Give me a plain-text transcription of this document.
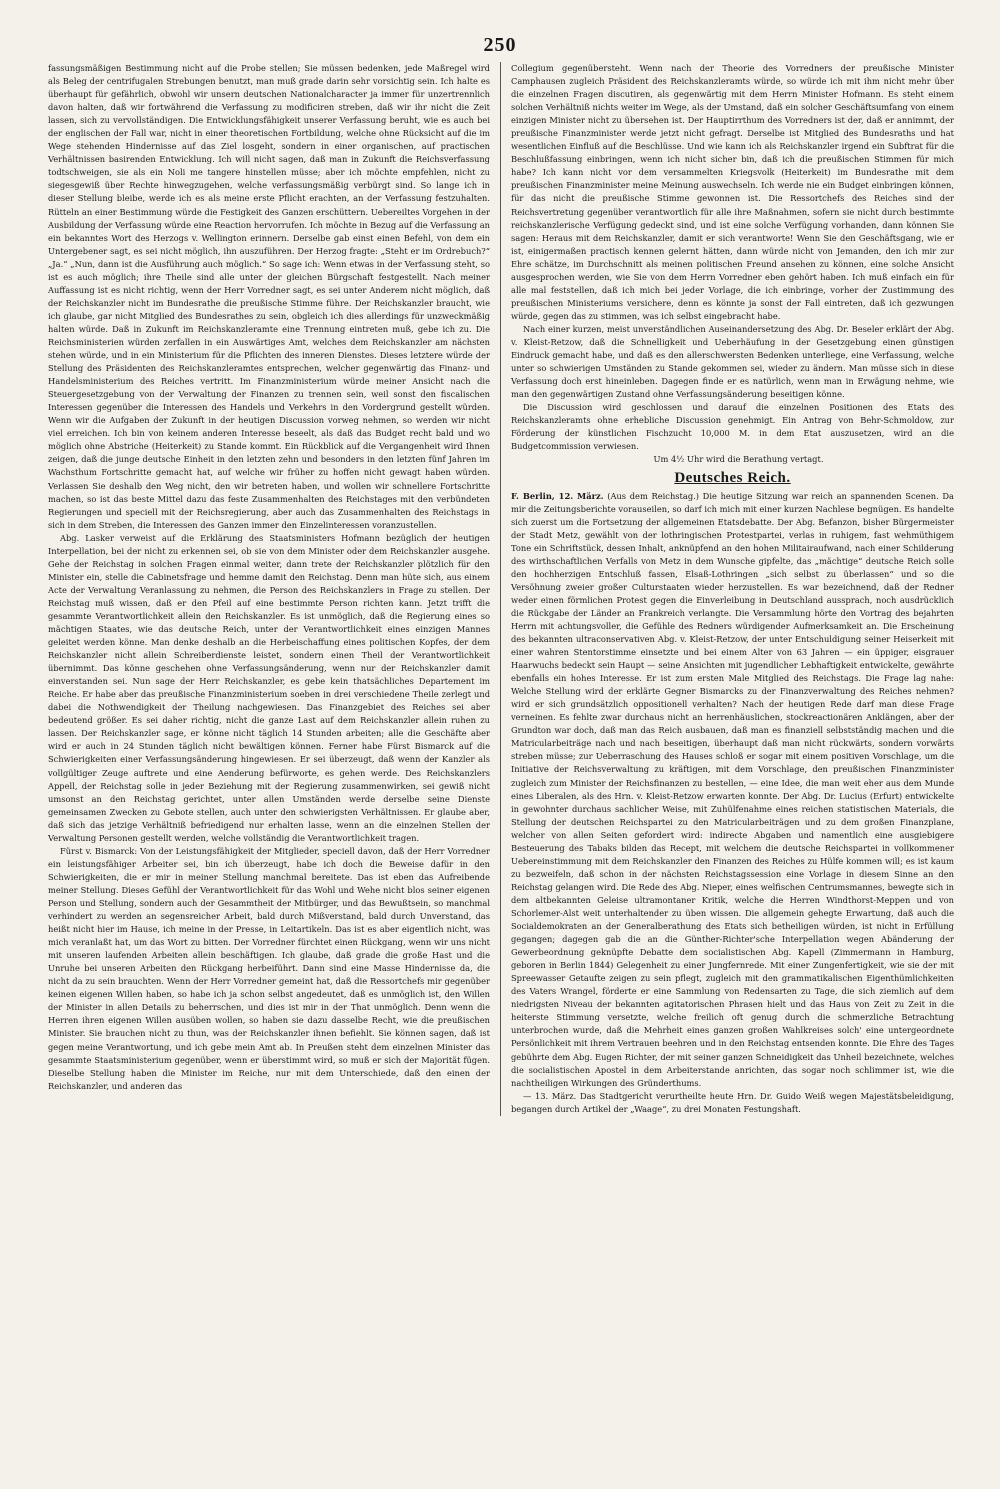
250

fassungsmäßigen Bestimmung nicht auf die Probe stellen; Sie müssen bedenken, jede Maßregel wird als Beleg der centrifugalen Strebungen benutzt, man muß grade darin sehr vorsichtig sein. Ich halte es überhaupt für gefährlich, obwohl wir unsern deutschen Nationalcharacter ja immer für unzertrennlich davon halten, daß wir fortwährend die Verfassung zu modificiren streben, daß wir ihr nicht die Zeit lassen, sich zu vervollständigen. Die Entwicklungsfähigkeit unserer Verfassung beruht, wie es auch bei der englischen der Fall war, nicht in einer theoretischen Fortbildung, welche ohne Rücksicht auf die im Wege stehenden Hindernisse auf das Ziel losgeht, sondern in einer organischen, auf practischen Verhältnissen basirenden Entwicklung. Ich will nicht sagen, daß man in Zukunft die Reichsverfassung todtschweigen, sie als ein Noli me tangere hinstellen müsse; aber ich möchte empfehlen, nicht zu siegesgewiß über Rechte hinwegzugehen, welche verfassungsmäßig verbürgt sind. So lange ich in dieser Stellung bleibe, werde ich es als meine erste Pflicht erachten, an der Verfassung festzuhalten. Rütteln an einer Bestimmung würde die Festigkeit des Ganzen erschüttern. Uebereiltes Vorgehen in der Ausbildung der Verfassung würde eine Reaction hervorrufen. Ich möchte in Bezug auf die Verfassung an ein bekanntes Wort des Herzogs v. Wellington erinnern. Derselbe gab einst einen Befehl, von dem ein Untergebener sagt, es sei nicht möglich, ihn auszuführen. Der Herzog fragte: „Steht er im Ordrebuch?“ „Ja.“ „Nun, dann ist die Ausführung auch möglich.“ So sage ich: Wenn etwas in der Verfassung steht, so ist es auch möglich; ihre Theile sind alle unter der gleichen Bürgschaft festgestellt. Nach meiner Auffassung ist es nicht richtig, wenn der Herr Vorredner sagt, es sei unter Anderem nicht möglich, daß der Reichskanzler nicht im Bundesrathe die preußische Stimme führe. Der Reichskanzler braucht, wie ich glaube, gar nicht Mitglied des Bundesrathes zu sein, obgleich ich dies allerdings für unzweckmäßig halten würde. Daß in Zukunft im Reichskanzleramte eine Trennung eintreten muß, gebe ich zu. Die Reichsministerien würden zerfallen in ein Auswärtiges Amt, welches dem Reichskanzler am nächsten stehen würde, und in ein Ministerium für die Pflichten des inneren Dienstes. Dieses letztere würde der Stellung des Präsidenten des Reichskanzleramtes entsprechen, welcher gegenwärtig das Finanz- und Handelsministerium des Reiches vertritt. Im Finanzministerium würde meiner Ansicht nach die Steuergesetzgebung von der Verwaltung der Finanzen zu trennen sein, weil sonst den fiscalischen Interessen gegenüber die Interessen des Handels und Verkehrs in den Vordergrund gestellt würden. Wenn wir die Aufgaben der Zukunft in der heutigen Discussion vorweg nehmen, so werden wir nicht viel erreichen. Ich bin von keinem anderen Interesse beseelt, als daß das Budget recht bald und wo möglich ohne Abstriche (Heiterkeit) zu Stande kommt. Ein Rückblick auf die Vergangenheit wird Ihnen zeigen, daß die junge deutsche Einheit in den letzten zehn und besonders in den letzten fünf Jahren im Wachsthum Fortschritte gemacht hat, auf welche wir früher zu hoffen nicht gewagt haben würden. Verlassen Sie deshalb den Weg nicht, den wir betreten haben, und wollen wir schnellere Fortschritte machen, so ist das beste Mittel dazu das feste Zusammenhalten des Reichstages mit den verbündeten Regierungen und speciell mit der Reichsregierung, aber auch das Zusammenhalten des Reichstags in sich in dem Streben, die Interessen des Ganzen immer den Einzelinteressen voranzustellen.

Abg. Lasker verweist auf die Erklärung des Staatsministers Hofmann bezüglich der heutigen Interpellation, bei der nicht zu erkennen sei, ob sie von dem Minister oder dem Reichskanzler ausgehe. Gehe der Reichstag in solchen Fragen einmal weiter, dann trete der Reichskanzler plötzlich für den Minister ein, stelle die Cabinetsfrage und hemme damit den Reichstag. Denn man hüte sich, aus einem Acte der Verwaltung Veranlassung zu nehmen, die Person des Reichskanzlers in Frage zu stellen. Der Reichstag muß wissen, daß er den Pfeil auf eine bestimmte Person richten kann. Jetzt trifft die gesammte Verantwortlichkeit allein den Reichskanzler. Es ist unmöglich, daß die Regierung eines so mächtigen Staates, wie das deutsche Reich, unter der Verantwortlichkeit eines einzigen Mannes geleitet werden könne. Man denke deshalb an die Herbeischaffung eines politischen Kopfes, der dem Reichskanzler nicht allein Schreiberdienste leistet, sondern einen Theil der Verantwortlichkeit übernimmt. Das könne geschehen ohne Verfassungsänderung, wenn nur der Reichskanzler damit einverstanden sei. Nun sage der Herr Reichskanzler, es gebe kein thatsächliches Departement im Reiche. Er habe aber das preußische Finanzministerium soeben in drei verschiedene Theile zerlegt und dabei die Nothwendigkeit der Theilung nachgewiesen. Das Finanzgebiet des Reiches sei aber bedeutend größer. Es sei daher richtig, nicht die ganze Last auf dem Reichskanzler allein ruhen zu lassen. Der Reichskanzler sage, er könne nicht täglich 14 Stunden arbeiten; alle die Geschäfte aber wird er auch in 24 Stunden täglich nicht bewältigen können. Ferner habe Fürst Bismarck auf die Schwierigkeiten einer Verfassungsänderung hingewiesen. Er sei überzeugt, daß wenn der Kanzler als vollgültiger Zeuge auftrete und eine Aenderung befürworte, es gehen werde. Des Reichskanzlers Appell, der Reichstag solle in jeder Beziehung mit der Regierung zusammenwirken, sei gewiß nicht umsonst an den Reichstag gerichtet, unter allen Umständen werde derselbe seine Dienste gemeinsamen Zwecken zu Gebote stellen, auch unter den schwierigsten Verhältnissen. Er glaube aber, daß sich das jetzige Verhältniß befriedigend nur erhalten lasse, wenn an die einzelnen Stellen der Verwaltung Personen gestellt werden, welche vollständig die Verantwortlichkeit tragen.

Fürst v. Bismarck: Von der Leistungsfähigkeit der Mitglieder, speciell davon, daß der Herr Vorredner ein leistungsfähiger Arbeiter sei, bin ich überzeugt, habe ich doch die Beweise dafür in den Schwierigkeiten, die er mir in meiner Stellung manchmal bereitete. Das ist eben das Aufreibende meiner Stellung. Dieses Gefühl der Verantwortlichkeit für das Wohl und Wehe nicht blos seiner eigenen Person und Stellung, sondern auch der Gesammtheit der Mitbürger, und das Bewußtsein, so manchmal verhindert zu werden an segensreicher Arbeit, bald durch Mißverstand, bald durch Unverstand, das heißt nicht hier im Hause, ich meine in der Presse, in Leitartikeln. Das ist es aber eigentlich nicht, was mich veranlaßt hat, um das Wort zu bitten. Der Vorredner fürchtet einen Rückgang, wenn wir uns nicht mit unseren laufenden Arbeiten allein beschäftigen. Ich glaube, daß grade die große Hast und die Unruhe bei unseren Arbeiten den Rückgang herbeiführt. Dann sind eine Masse Hindernisse da, die nicht da zu sein brauchten. Wenn der Herr Vorredner gemeint hat, daß die Ressortchefs mir gegenüber keinen eigenen Willen haben, so habe ich ja schon selbst angedeutet, daß es unmöglich ist, den Willen der Minister in allen Details zu beherrschen, und dies ist mir in der That unmöglich. Denn wenn die Herren ihren eigenen Willen ausüben wollen, so haben sie dazu dasselbe Recht, wie die preußischen Minister. Sie brauchen nicht zu thun, was der Reichskanzler ihnen befiehlt. Sie können sagen, daß ist gegen meine Verantwortung, und ich gebe mein Amt ab. In Preußen steht dem einzelnen Minister das gesammte Staatsministerium gegenüber, wenn er überstimmt wird, so muß er sich der Majorität fügen. Dieselbe Stellung haben die Minister im Reiche, nur mit dem Unterschiede, daß den einen der Reichskanzler, und anderen das

Collegium gegenübersteht. Wenn nach der Theorie des Vorredners der preußische Minister Camphausen zugleich Präsident des Reichskanzleramts würde, so würde ich mit ihm nicht mehr über die einzelnen Fragen discutiren, als gegenwärtig mit dem Herrn Minister Hofmann. Es steht einem solchen Verhältniß nichts weiter im Wege, als der Umstand, daß ein solcher Geschäftsumfang von einem einzigen Minister nicht zu übersehen ist. Der Hauptirrthum des Vorredners ist der, daß er annimmt, der preußische Finanzminister werde jetzt nicht gefragt. Derselbe ist Mitglied des Bundesraths und hat wesentlichen Einfluß auf die Beschlüsse. Und wie kann ich als Reichskanzler irgend ein Subftrat für die Beschlußfassung einbringen, wenn ich nicht sicher bin, daß ich die preußischen Stimmen für mich habe? Ich kann nicht vor dem versammelten Kriegsvolk (Heiterkeit) im Bundesrathe mit dem preußischen Finanzminister meine Meinung auswechseln. Ich werde nie ein Budget einbringen können, für das nicht die preußische Stimme gewonnen ist. Die Ressortchefs des Reiches sind der Reichsvertretung gegenüber verantwortlich für alle ihre Maßnahmen, sofern sie nicht durch bestimmte reichskanzlerische Verfügung gedeckt sind, und ist eine solche Verfügung vorhanden, dann können Sie sagen: Heraus mit dem Reichskanzler, damit er sich verantworte! Wenn Sie den Geschäftsgang, wie er ist, einigermaßen practisch kennen gelernt hätten, dann würde nicht von Jemanden, den ich mir zur Ehre schätze, im Durchschnitt als meinen politischen Freund ansehen zu können, eine solche Ansicht ausgesprochen werden, wie Sie von dem Herrn Vorredner eben gehört haben. Ich muß einfach ein für alle mal feststellen, daß ich mich bei jeder Vorlage, die ich einbringe, vorher der Zustimmung des preußischen Ministeriums versichere, denn es könnte ja sonst der Fall eintreten, daß ich gezwungen würde, gegen das zu stimmen, was ich selbst eingebracht habe.

Nach einer kurzen, meist unverständlichen Auseinandersetzung des Abg. Dr. Beseler erklärt der Abg. v. Kleist-Retzow, daß die Schnelligkeit und Ueberhäufung in der Gesetzgebung einen günstigen Eindruck gemacht habe, und daß es den allerschwersten Bedenken unterliege, eine Verfassung, welche unter so schwierigen Umständen zu Stande gekommen sei, wieder zu ändern. Man müsse sich in diese Verfassung doch erst hineinleben. Dagegen finde er es natürlich, wenn man in Erwägung nehme, wie man den gegenwärtigen Zustand ohne Verfassungsänderung beseitigen könne.

Die Discussion wird geschlossen und darauf die einzelnen Positionen des Etats des Reichskanzleramts ohne erhebliche Discussion genehmigt. Ein Antrag von Behr-Schmoldow, zur Förderung der künstlichen Fischzucht 10,000 M. in dem Etat auszusetzen, wird an die Budgetcommission verwiesen.

Um 4½ Uhr wird die Berathung vertagt.

Deutsches Reich.

F. Berlin, 12. März. (Aus dem Reichstag.) Die heutige Sitzung war reich an spannenden Scenen. Da mir die Zeitungsberichte vorauseilen, so darf ich mich mit einer kurzen Nachlese begnügen. Es handelte sich zuerst um die Fortsetzung der allgemeinen Etatsdebatte. Der Abg. Befanzon, bisher Bürgermeister der Stadt Metz, gewählt von der lothringischen Protestpartei, verlas in ruhigem, fast wehmüthigem Tone ein Schriftstück, dessen Inhalt, anknüpfend an den hohen Militairaufwand, nach einer Schilderung des wirthschaftlichen Verfalls von Metz in dem Wunsche gipfelte, das „mächtige“ deutsche Reich solle den hochherzigen Entschluß fassen, Elsaß-Lothringen „sich selbst zu überlassen“ und so die Versöhnung zweier großer Culturstaaten wieder herzustellen. Es war bezeichnend, daß der Redner weder einen förmlichen Protest gegen die Einverleibung in Deutschland aussprach, noch ausdrücklich die Rückgabe der Länder an Frankreich verlangte. Die Versammlung hörte den Vortrag des bejahrten Herrn mit achtungsvoller, die Gefühle des Redners würdigender Aufmerksamkeit an. Die Erscheinung des bekannten ultraconservativen Abg. v. Kleist-Retzow, der unter Entschuldigung seiner Heiserkeit mit einer wahren Stentorstimme einsetzte und bei einem Alter von 63 Jahren — ein üppiger, eisgrauer Haarwuchs bedeckt sein Haupt — seine Ansichten mit jugendlicher Lebhaftigkeit entwickelte, gewährte ebenfalls ein hohes Interesse. Er ist zum ersten Male Mitglied des Reichstags. Die Frage lag nahe: Welche Stellung wird der erklärte Gegner Bismarcks zu der Finanzverwaltung des Reiches nehmen? wird er sich grundsätzlich oppositionell verhalten? Nach der heutigen Rede darf man diese Frage verneinen. Es fehlte zwar durchaus nicht an herrenhäuslichen, stockreactionären Anklängen, aber der Grundton war doch, daß man das Reich ausbauen, daß man es finanziell selbstständig machen und die Matricularbeiträge nach und nach beseitigen, überhaupt daß man nicht rückwärts, sondern vorwärts streben müsse; zur Ueberraschung des Hauses schloß er sogar mit einem positiven Vorschlage, um die Initiative der Reichsverwaltung zu kräftigen, mit dem Vorschlage, den preußischen Finanzminister zugleich zum Minister der Reichsfinanzen zu bestellen, — eine Idee, die man weit eher aus dem Munde eines Liberalen, als des Hrn. v. Kleist-Retzow erwarten konnte. Der Abg. Dr. Lucius (Erfurt) entwickelte in gewohnter durchaus sachlicher Weise, mit Zuhülfenahme eines reichen statistischen Materials, die Stellung der deutschen Reichspartei zu den Matricularbeiträgen und zu dem großen Finanzplane, welcher von allen Seiten gefordert wird: indirecte Abgaben und namentlich eine ausgiebigere Besteuerung des Tabaks bilden das Recept, mit welchem die deutsche Reichspartei in vollkommener Uebereinstimmung mit dem Reichskanzler den Finanzen des Reiches zu Hülfe kommen will; es ist kaum zu bezweifeln, daß schon in der nächsten Reichstagssession eine Vorlage in diesem Sinne an den Reichstag gelangen wird. Die Rede des Abg. Nieper, eines welfischen Centrumsmannes, bewegte sich in dem altbekannten Geleise ultramontaner Kritik, welche die Herren Windthorst-Meppen und von Schorlemer-Alst weit unterhaltender zu üben wissen. Die allgemein gehegte Erwartung, daß auch die Socialdemokraten an der Generalberathung des Etats sich betheiligen würden, ist nicht in Erfüllung gegangen; dagegen gab die an die Günther-Richter'sche Interpellation wegen Abänderung der Gewerbeordnung geknüpfte Debatte dem socialistischen Abg. Kapell (Zimmermann in Hamburg, geboren in Berlin 1844) Gelegenheit zu einer Jungfernrede. Mit einer Zungenfertigkeit, wie sie der mit Spreewasser Getaufte zeigen zu sein pflegt, zugleich mit den grammatikalischen Eigenthümlichkeiten des Vaters Wrangel, förderte er eine Sammlung von Redensarten zu Tage, die sich ziemlich auf dem niedrigsten Niveau der bekannten agitatorischen Phrasen hielt und das Haus von Zeit zu Zeit in die heiterste Stimmung versetzte, welche freilich oft genug durch die schmerzliche Betrachtung unterbrochen wurde, daß die Mehrheit eines ganzen großen Wahlkreises solch' eine untergeordnete Persönlichkeit mit ihrem Vertrauen beehren und in den Reichstag entsenden konnte. Die Ehre des Tages gebührte dem Abg. Eugen Richter, der mit seiner ganzen Schneidigkeit das Unheil bezeichnete, welches die socialistischen Apostel in dem Arbeiterstande anrichten, das sogar noch schlimmer ist, wie die nachtheiligen Wirkungen des Gründerthums.

— 13. März. Das Stadtgericht verurtheilte heute Hrn. Dr. Guido Weiß wegen Majestätsbeleidigung, begangen durch Artikel der „Waage“, zu drei Monaten Festungshaft.
